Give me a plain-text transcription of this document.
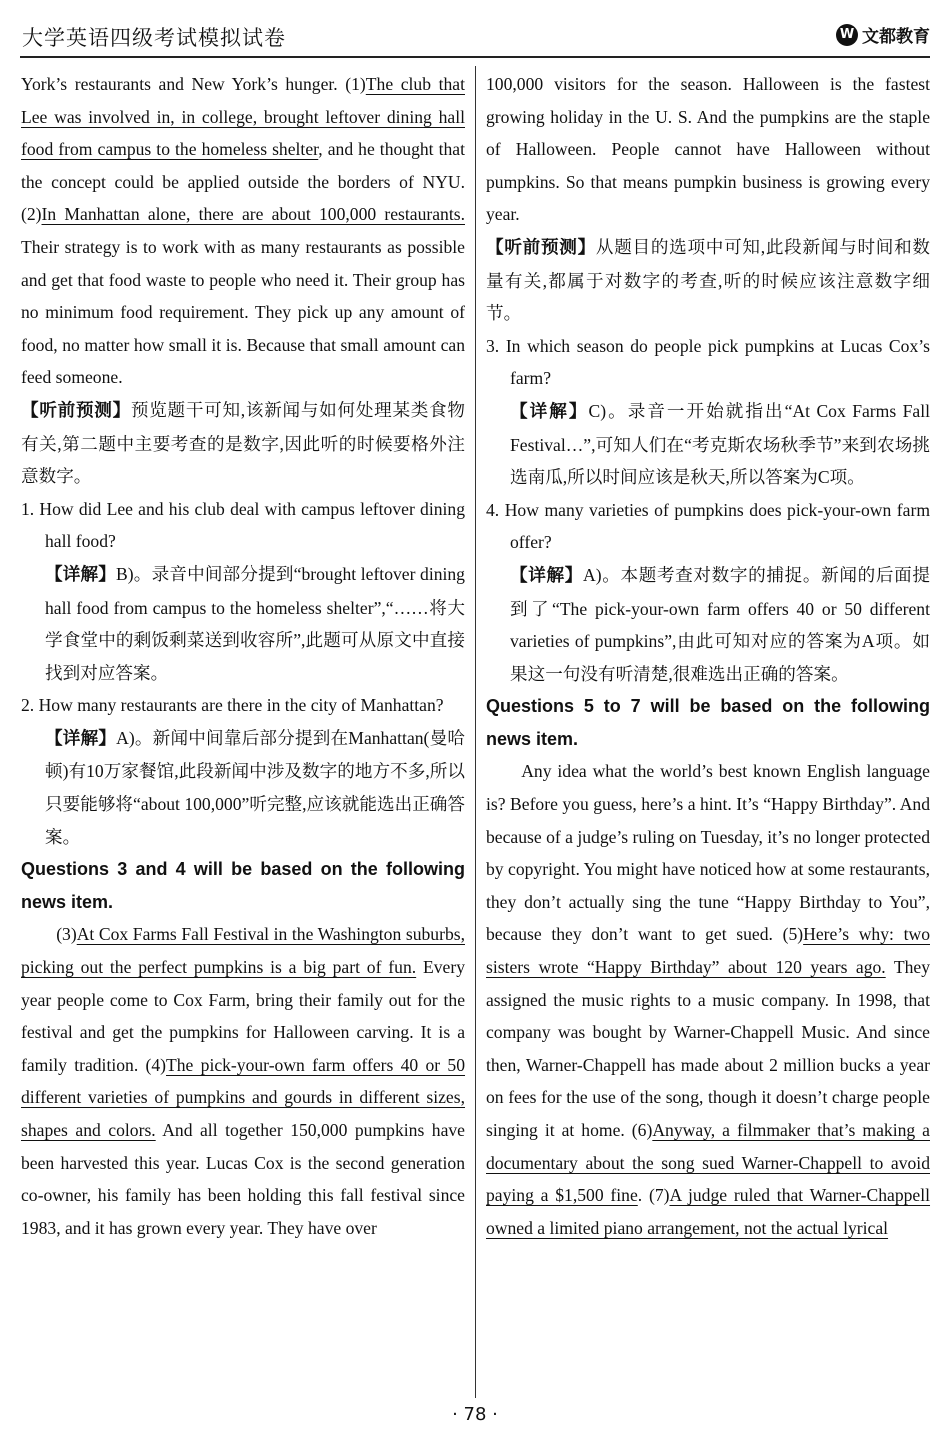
大学英语四级考试模拟试卷	W 文都教育

York’s restaurants and New York’s hunger. (1)The club that Lee was involved in, in college, brought leftover dining hall food from campus to the homeless shelter, and he thought that the concept could be applied outside the borders of NYU. (2)In Manhattan alone, there are about 100,000 restaurants. Their strategy is to work with as many restaurants as possible and get that food waste to people who need it. Their group has no minimum food requirement. They pick up any amount of food, no matter how small it is. Because that small amount can feed someone.

【听前预测】预览题干可知,该新闻与如何处理某类食物有关,第二题中主要考查的是数字,因此听的时候要格外注意数字。

1. How did Lee and his club deal with campus leftover dining hall food?

【详解】B)。录音中间部分提到“brought leftover dining hall food from campus to the homeless shelter”,“……将大学食堂中的剩饭剩菜送到收容所”,此题可从原文中直接找到对应答案。

2. How many restaurants are there in the city of Manhattan?

【详解】A)。新闻中间靠后部分提到在Manhattan(曼哈顿)有10万家餐馆,此段新闻中涉及数字的地方不多,所以只要能够将“about 100,000”听完整,应该就能选出正确答案。

Questions 3 and 4 will be based on the following news item.

(3)At Cox Farms Fall Festival in the Washington suburbs, picking out the perfect pumpkins is a big part of fun. Every year people come to Cox Farm, bring their family out for the festival and get the pumpkins for Halloween carving. It is a family tradition. (4)The pick-your-own farm offers 40 or 50 different varieties of pumpkins and gourds in different sizes, shapes and colors. And all together 150,000 pumpkins have been harvested this year. Lucas Cox is the second generation co-owner, his family has been holding this fall festival since 1983, and it has grown every year. They have over

100,000 visitors for the season. Halloween is the fastest growing holiday in the U. S. And the pumpkins are the staple of Halloween. People cannot have Halloween without pumpkins. So that means pumpkin business is growing every year.

【听前预测】从题目的选项中可知,此段新闻与时间和数量有关,都属于对数字的考查,听的时候应该注意数字细节。

3. In which season do people pick pumpkins at Lucas Cox’s farm?

【详解】C)。录音一开始就指出“At Cox Farms Fall Festival…”,可知人们在“考克斯农场秋季节”来到农场挑选南瓜,所以时间应该是秋天,所以答案为C项。

4. How many varieties of pumpkins does pick-your-own farm offer?

【详解】A)。本题考查对数字的捕捉。新闻的后面提到了“The pick-your-own farm offers 40 or 50 different varieties of pumpkins”,由此可知对应的答案为A项。如果这一句没有听清楚,很难选出正确的答案。

Questions 5 to 7 will be based on the following news item.

Any idea what the world’s best known English language is? Before you guess, here’s a hint. It’s “Happy Birthday”. And because of a judge’s ruling on Tuesday, it’s no longer protected by copyright. You might have noticed how at some restaurants, they don’t actually sing the tune “Happy Birthday to You”, because they don’t want to get sued. (5)Here’s why: two sisters wrote “Happy Birthday” about 120 years ago. They assigned the music rights to a music company. In 1998, that company was bought by Warner-Chappell Music. And since then, Warner-Chappell has made about 2 million bucks a year on fees for the use of the song, though it doesn’t charge people singing it at home. (6)Anyway, a filmmaker that’s making a documentary about the song sued Warner-Chappell to avoid paying a $1,500 fine. (7)A judge ruled that Warner-Chappell owned a limited piano arrangement, not the actual lyrical

· 78 ·
